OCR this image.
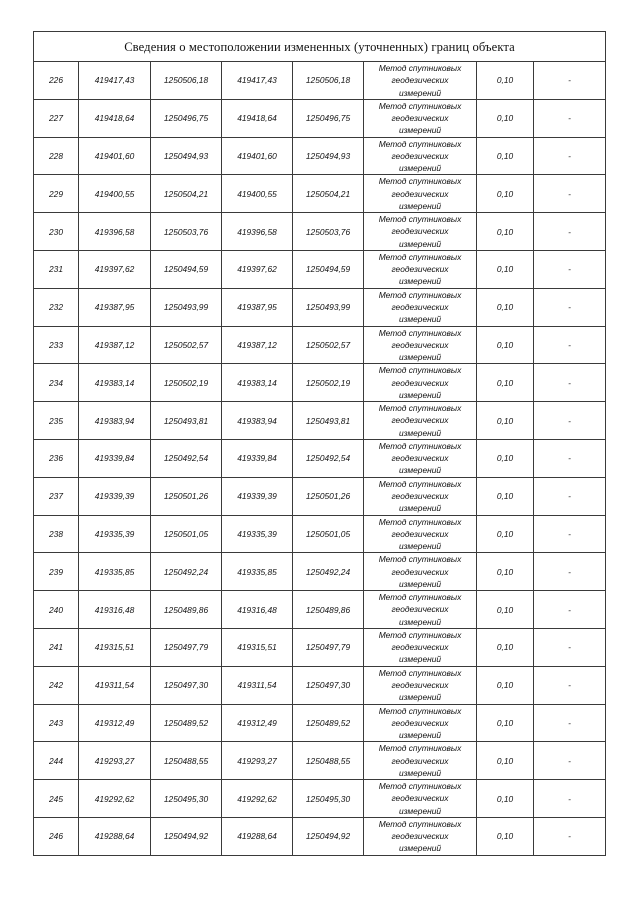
Сведения о местоположении измененных (уточненных) границ объекта							
226	419417,43	1250506,18	419417,43	1250506,18	Метод спутниковых
геодезических
измерений	0,10	-
227	419418,64	1250496,75	419418,64	1250496,75	Метод спутниковых
геодезических
измерений	0,10	-
228	419401,60	1250494,93	419401,60	1250494,93	Метод спутниковых
геодезических
измерений	0,10	-
229	419400,55	1250504,21	419400,55	1250504,21	Метод спутниковых
геодезических
измерений	0,10	-
230	419396,58	1250503,76	419396,58	1250503,76	Метод спутниковых
геодезических
измерений	0,10	-
231	419397,62	1250494,59	419397,62	1250494,59	Метод спутниковых
геодезических
измерений	0,10	-
232	419387,95	1250493,99	419387,95	1250493,99	Метод спутниковых
геодезических
измерений	0,10	-
233	419387,12	1250502,57	419387,12	1250502,57	Метод спутниковых
геодезических
измерений	0,10	-
234	419383,14	1250502,19	419383,14	1250502,19	Метод спутниковых
геодезических
измерений	0,10	-
235	419383,94	1250493,81	419383,94	1250493,81	Метод спутниковых
геодезических
измерений	0,10	-
236	419339,84	1250492,54	419339,84	1250492,54	Метод спутниковых
геодезических
измерений	0,10	-
237	419339,39	1250501,26	419339,39	1250501,26	Метод спутниковых
геодезических
измерений	0,10	-
238	419335,39	1250501,05	419335,39	1250501,05	Метод спутниковых
геодезических
измерений	0,10	-
239	419335,85	1250492,24	419335,85	1250492,24	Метод спутниковых
геодезических
измерений	0,10	-
240	419316,48	1250489,86	419316,48	1250489,86	Метод спутниковых
геодезических
измерений	0,10	-
241	419315,51	1250497,79	419315,51	1250497,79	Метод спутниковых
геодезических
измерений	0,10	-
242	419311,54	1250497,30	419311,54	1250497,30	Метод спутниковых
геодезических
измерений	0,10	-
243	419312,49	1250489,52	419312,49	1250489,52	Метод спутниковых
геодезических
измерений	0,10	-
244	419293,27	1250488,55	419293,27	1250488,55	Метод спутниковых
геодезических
измерений	0,10	-
245	419292,62	1250495,30	419292,62	1250495,30	Метод спутниковых
геодезических
измерений	0,10	-
246	419288,64	1250494,92	419288,64	1250494,92	Метод спутниковых
геодезических
измерений	0,10	-
